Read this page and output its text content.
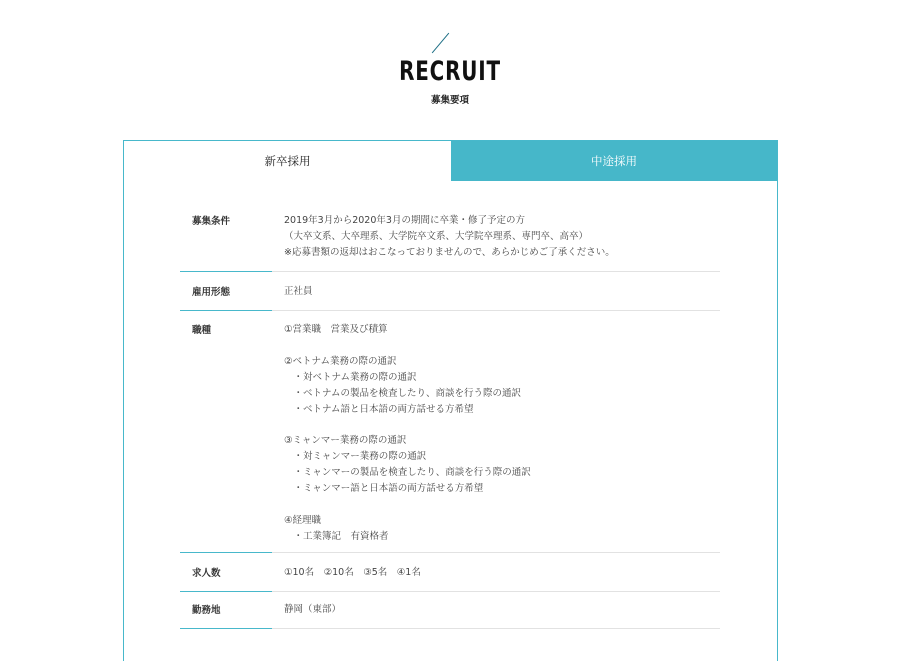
RECRUIT
募集要項
新卒採用	中途採用
募集条件	2019年3月から2020年3月の期間に卒業・修了予定の方
（大卒文系、大卒理系、大学院卒文系、大学院卒理系、専門卒、高卒）
※応募書類の返却はおこなっておりませんので、あらかじめご了承ください。
雇用形態	正社員
職種	①営業職　営業及び積算

②ベトナム業務の際の通訳
　・対ベトナム業務の際の通訳
　・ベトナムの製品を検査したり、商談を行う際の通訳
　・ベトナム語と日本語の両方話せる方希望

③ミャンマー業務の際の通訳
　・対ミャンマー業務の際の通訳
　・ミャンマーの製品を検査したり、商談を行う際の通訳
　・ミャンマー語と日本語の両方話せる方希望

④経理職
　・工業簿記　有資格者
求人数	①10名　②10名　③5名　④1名
勤務地	静岡（東部）
